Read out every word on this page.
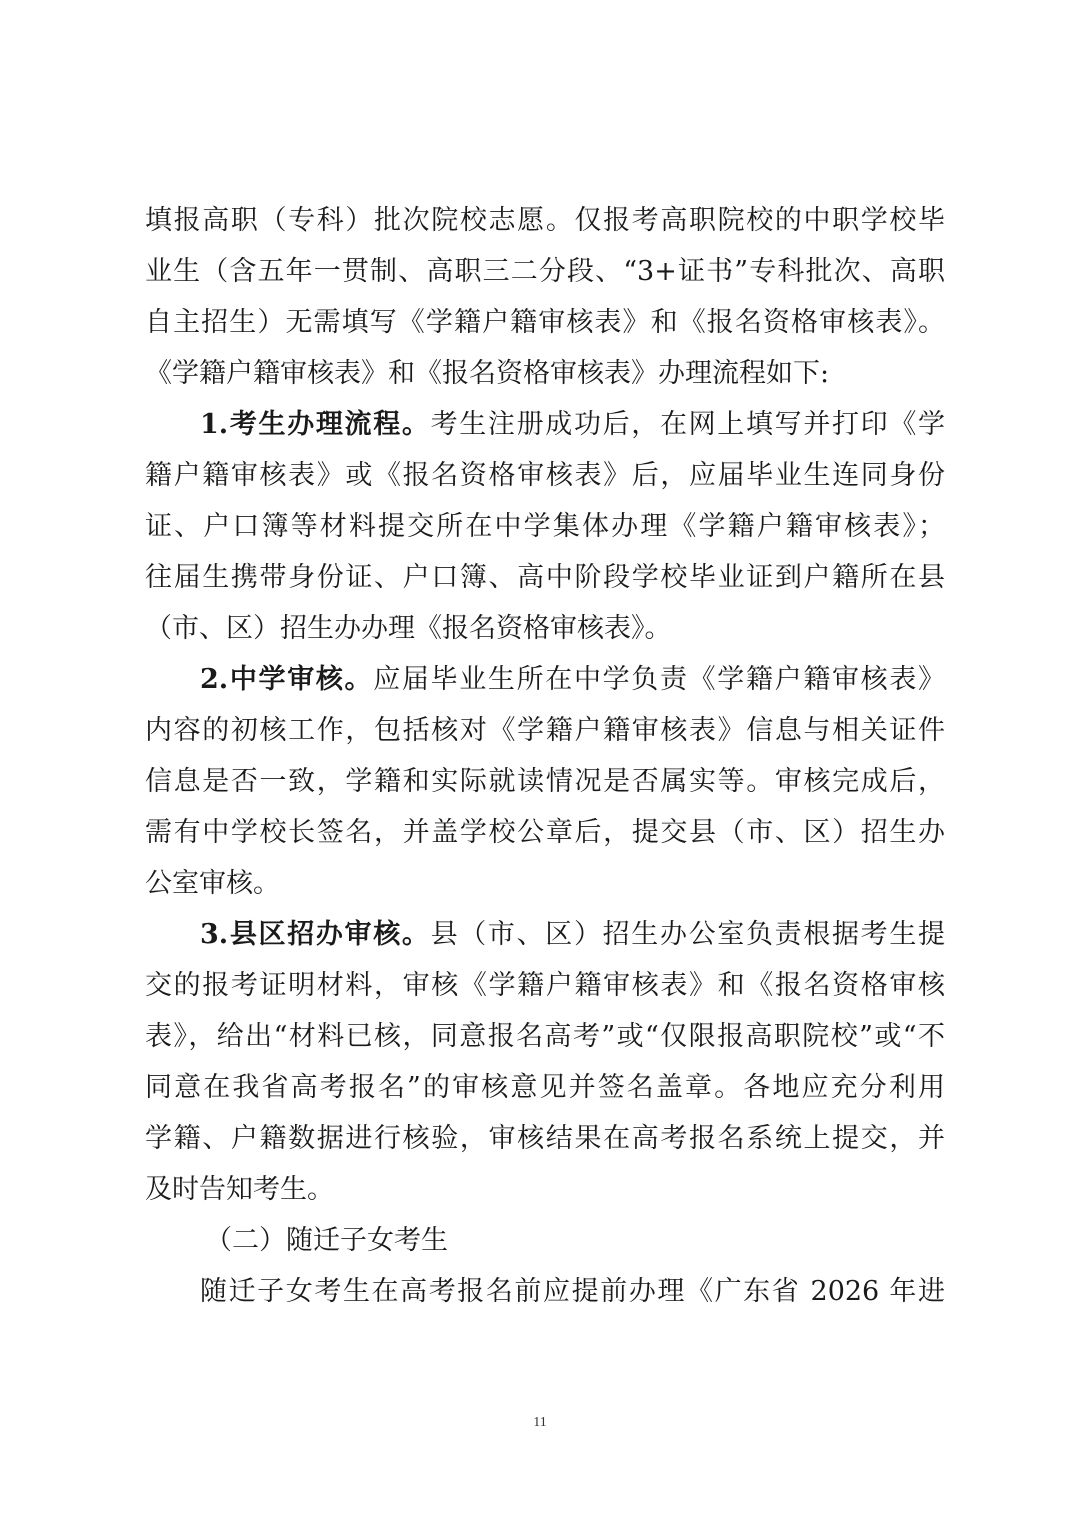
填报高职（专科）批次院校志愿。仅报考高职院校的中职学校毕
业生（含五年一贯制、高职三二分段、“3+证书”专科批次、高职
自主招生）无需填写《学籍户籍审核表》和《报名资格审核表》。
《学籍户籍审核表》和《报名资格审核表》办理流程如下:
1.考生办理流程。考生注册成功后，在网上填写并打印《学
籍户籍审核表》或《报名资格审核表》后，应届毕业生连同身份
证、户口簿等材料提交所在中学集体办理《学籍户籍审核表》；
往届生携带身份证、户口簿、高中阶段学校毕业证到户籍所在县
（市、区）招生办办理《报名资格审核表》。
2.中学审核。应届毕业生所在中学负责《学籍户籍审核表》
内容的初核工作，包括核对《学籍户籍审核表》信息与相关证件
信息是否一致，学籍和实际就读情况是否属实等。审核完成后，
需有中学校长签名，并盖学校公章后，提交县（市、区）招生办
公室审核。
3.县区招办审核。县（市、区）招生办公室负责根据考生提
交的报考证明材料，审核《学籍户籍审核表》和《报名资格审核
表》，给出“材料已核，同意报名高考”或“仅限报高职院校”或“不
同意在我省高考报名”的审核意见并签名盖章。各地应充分利用
学籍、户籍数据进行核验，审核结果在高考报名系统上提交，并
及时告知考生。
（二）随迁子女考生
随迁子女考生在高考报名前应提前办理《广东省 2026 年进
11
